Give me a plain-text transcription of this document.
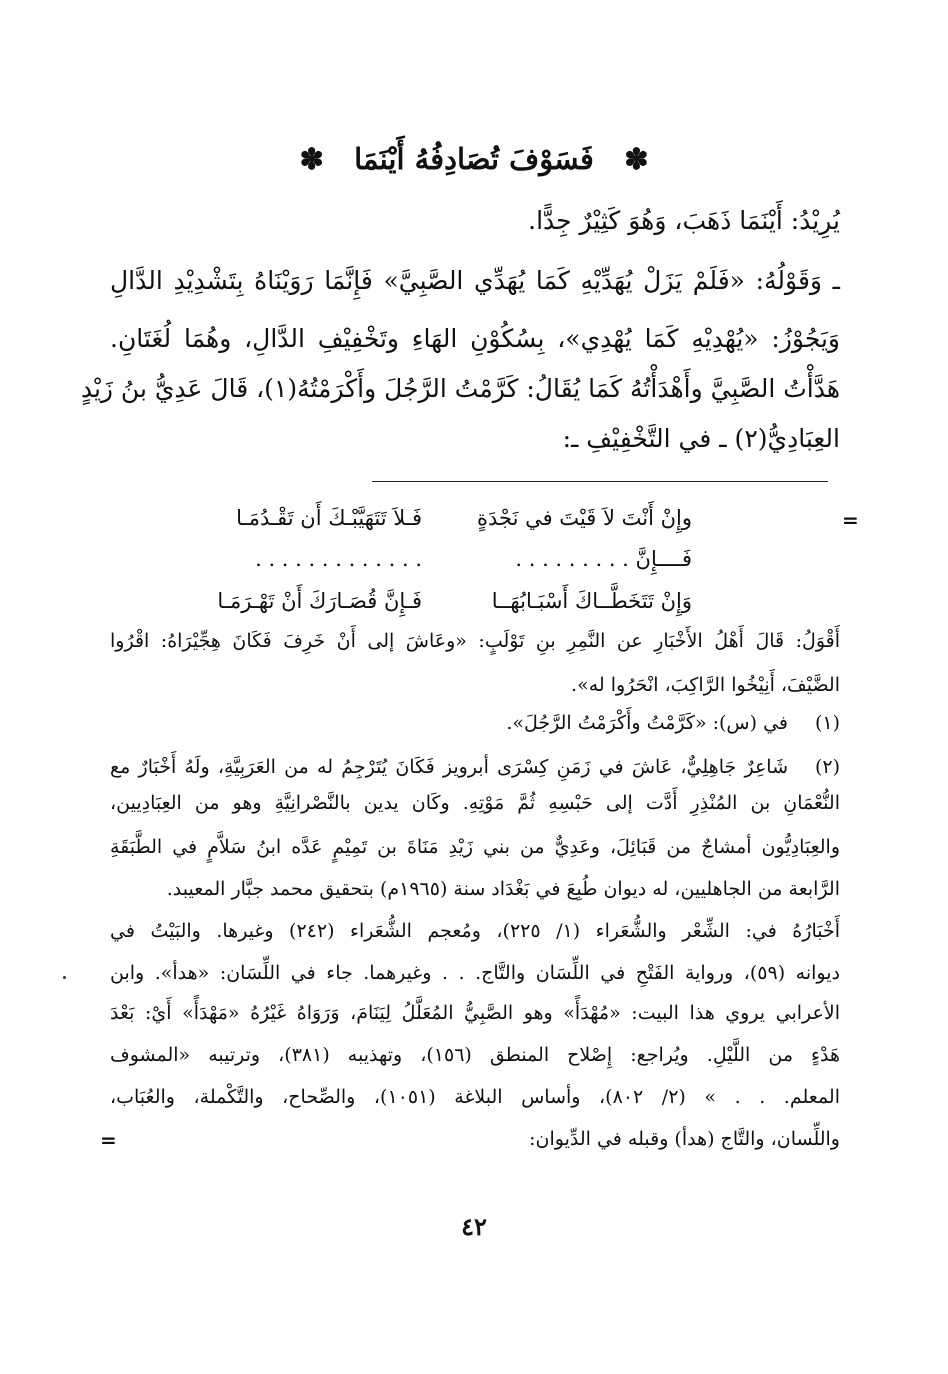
✽   فَسَوْفَ تُصَادِفُهُ أَيْنَمَا   ✽
يُرِيْدُ: أَيْنَمَا ذَهَبَ، وَهُوَ كَثِيْرٌ جِدًّا.
ـ وَقَوْلُهُ: «فَلَمْ يَزَلْ يُهَدِّيْهِ كَمَا يُهَدِّي الصَّبِيَّ» فَإِنَّمَا رَوَيْنَاهُ بِتَشْدِيْدِ الدَّالِ
وَيَجُوْزُ: «يُهْدِيْهِ كَمَا يُهْدِي»، بِسُكُوْنِ الهَاءِ وتَخْفِيْفِ الدَّالِ، وهُمَا لُغَتَانِ.
هَدَّأْتُ الصَّبِيَّ وأَهْدَأْتُهُ كَمَا يُقَالُ: كَرَّمْتُ الرَّجُلَ وأَكْرَمْتُهُ(١)، قَالَ عَدِيُّ بنُ زَيْدٍ
العِبَادِيُّ(٢) ـ في التَّخْفِيْفِ ـ:
وإِنْ أَنْتَ لاَ قَيْتَ في نَجْدَةٍ
فَـلاَ تَتَهَيَّبْـكَ أَن تَقْـدُمَـا
فَــــإِنَّ . . . . . . . . .
. . . . . . . . . . . . .
وَإِنْ تَتَخَطَّــاكَ أَسْبَـابُهَــا
فَـإِنَّ قُصَـارَكَ أَنْ تَهْـرَمَـا
=
=
أَقْوَلُ: قَالَ أَهْلُ الأَخْبَارِ عن النَّمِرِ بنِ تَوْلَبٍ: «وعَاشَ إلى أَنْ خَرِفَ فَكَانَ هِجِّيْرَاهُ: اقْرُوا
الضَّيْفَ، أَنِيْخُوا الرَّاكِبَ، انْحَرُوا له».
(١)
في (س): «كَرَّمْتُ وأَكْرَمْتُ الرَّجُلَ».
(٢)
شَاعِرٌ جَاهِلِيٌّ، عَاشَ في زَمَنِ كِسْرَى أبرويز فَكَانَ يُتَرْجِمُ له من العَرَبِيَّةِ، ولَهُ أَخْبَارٌ مع
النُّعْمَانِ بن المُنْذِرِ أَدَّت إلى حَبْسِهِ ثُمَّ مَوْتِهِ. وكَان يدين بالنَّصْرانِيَّةِ وهو من العِبَادِيين،
والعِبَادِيُّون أمشاجٌ من قَبَائِلَ، وعَدِيٌّ من بني زَيْدِ مَنَاةَ بن تَمِيْمٍ عَدَّه ابنُ سَلاَّمٍ في الطَّبَقَةِ
الرَّابعة من الجاهليين، له ديوان طُبِعَ في بَغْدَاد سنة (١٩٦٥م) بتحقيق محمد جبَّار المعيبد.
أَخْبَارُهُ في: الشِّعْر والشُّعَراء (١/ ٢٢٥)، ومُعجم الشُّعَراء (٢٤٢) وغيرها. والبَيْتُ في
ديوانه (٥٩)، ورواية الفَتْحِ في اللِّسَان والتَّاج. . . وغيرهما. جاء في اللِّسَان: «هدأ». وابن
الأعرابي يروي هذا البيت: «مُهْدَأً» وهو الصَّبِيُّ المُعَلَّلُ لِيَنَامَ، وَرَوَاهُ غَيْرُهُ «مَهْدَأً» أَيْ: بَعْدَ
هَدْءٍ من اللَّيْلِ. ويُراجع: إِصْلاح المنطق (١٥٦)، وتهذيبه (٣٨١)، وترتيبه «المشوف
المعلم. . . » (٢/ ٨٠٢)، وأساس البلاغة (١٠٥١)، والصِّحاح، والتَّكْملة، والعُبَاب،
واللِّسان، والتَّاج (هدأ) وقبله في الدِّيوان:
٤٢
